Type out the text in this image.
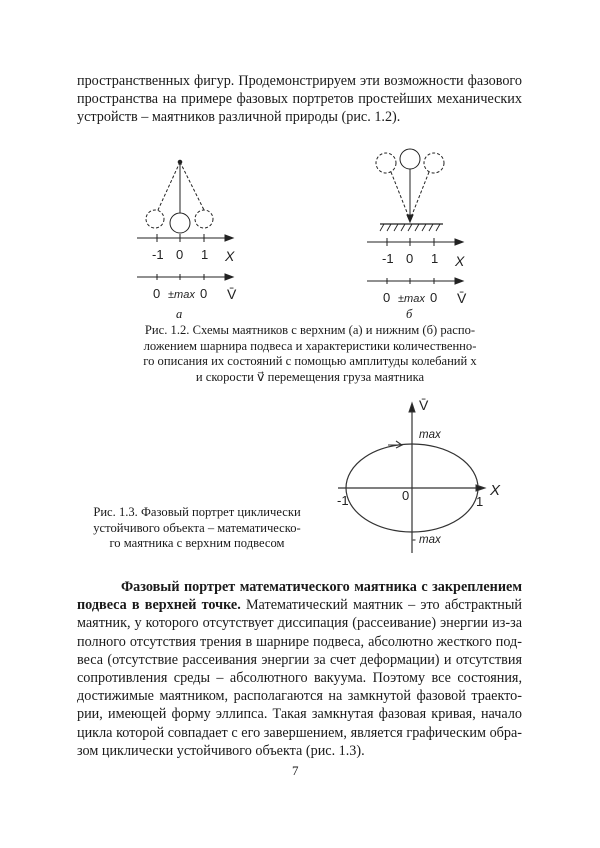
пространственных фигур. Продемонстрируем эти возможности фазового
пространства на примере фазовых портретов простейших механических
устройств – маятников различной природы (рис. 1.2).
-1 0 1 X
0 ±max 0 V̄
а
-1 0 1 X
0 ±max 0 V̄
б
Рис. 1.2. Схемы маятников с верхним (а) и нижним (б) распо-
ложением шарнира подвеса и характеристики количественно-
го описания их состояний с помощью амплитуды колебаний x
и скорости v⃗ перемещения груза маятника
V̄
X
max
- max
0
-1	1
Рис. 1.3. Фазовый портрет циклически
устойчивого объекта – математическо-
го маятника с верхним подвесом
Фазовый портрет математического маятника с закреплением
подвеса в верхней точке. Математический маятник – это абстрактный
маятник, у которого отсутствует диссипация (рассеивание) энергии из-за
полного отсутствия трения в шарнире подвеса, абсолютно жесткого под-
веса (отсутствие рассеивания энергии за счет деформации) и отсутствия
сопротивления среды – абсолютного вакуума. Поэтому все состояния,
достижимые маятником, располагаются на замкнутой фазовой траекто-
рии, имеющей форму эллипса. Такая замкнутая фазовая кривая, начало
цикла которой совпадает с его завершением, является графическим обра-
зом циклически устойчивого объекта (рис. 1.3).
7
